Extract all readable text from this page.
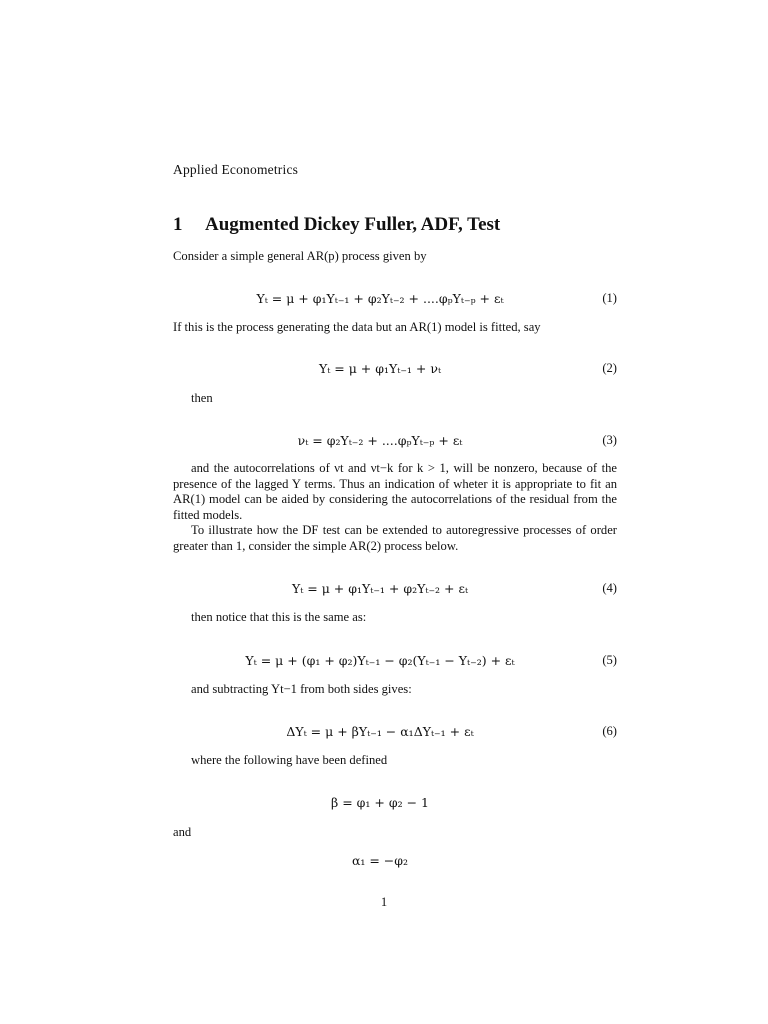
Applied Econometrics
1 Augmented Dickey Fuller, ADF, Test
Consider a simple general AR(p) process given by
Yₜ = μ + φ₁Yₜ₋₁ + φ₂Yₜ₋₂ + ....φₚYₜ₋ₚ + εₜ	(1)
If this is the process generating the data but an AR(1) model is fitted, say
Yₜ = μ + φ₁Yₜ₋₁ + νₜ	(2)
then
νₜ = φ₂Yₜ₋₂ + ....φₚYₜ₋ₚ + εₜ	(3)
and the autocorrelations of νt and νt−k for k > 1, will be nonzero, because of the presence of the lagged Y terms. Thus an indication of wheter it is appropriate to fit an AR(1) model can be aided by considering the autocorrelations of the residual from the fitted models.
To illustrate how the DF test can be extended to autoregressive processes of order greater than 1, consider the simple AR(2) process below.
Yₜ = μ + φ₁Yₜ₋₁ + φ₂Yₜ₋₂ + εₜ	(4)
then notice that this is the same as:
Yₜ = μ + (φ₁ + φ₂)Yₜ₋₁ − φ₂(Yₜ₋₁ − Yₜ₋₂) + εₜ	(5)
and subtracting Yt−1 from both sides gives:
ΔYₜ = μ + βYₜ₋₁ − α₁ΔYₜ₋₁ + εₜ	(6)
where the following have been defined
β = φ₁ + φ₂ − 1
and
α₁ = −φ₂
1
